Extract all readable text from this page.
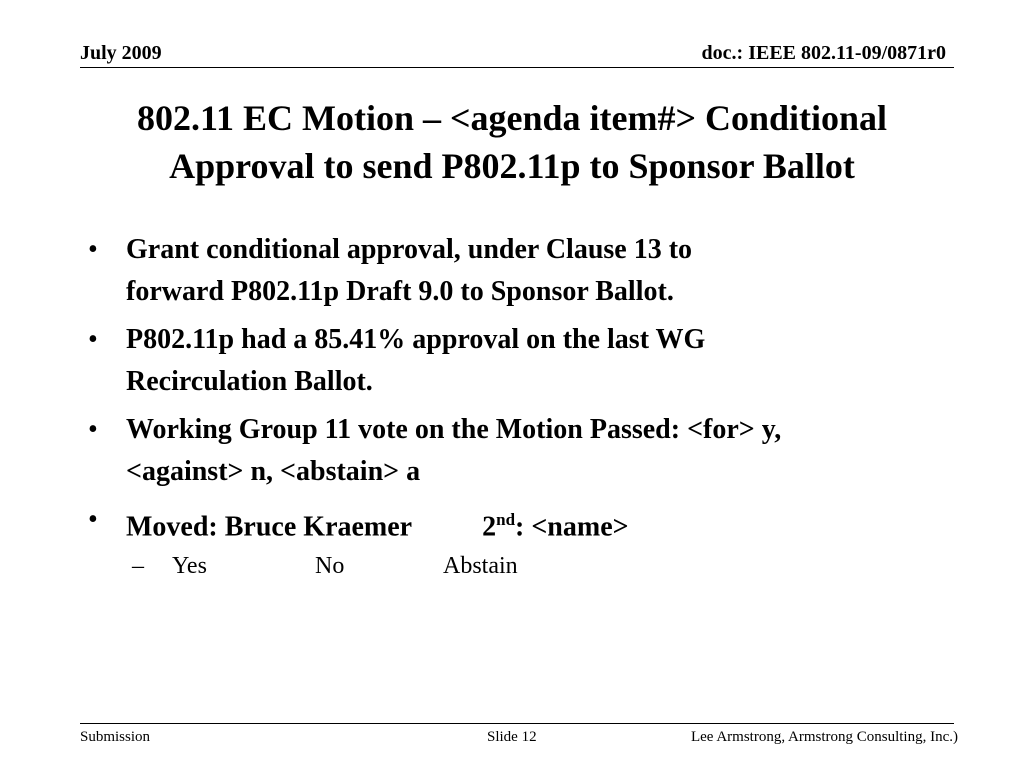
July 2009	doc.: IEEE 802.11-09/0871r0
802.11 EC Motion – <agenda item#> Conditional
Approval to send P802.11p to Sponsor Ballot
• Grant conditional approval, under Clause 13 to
forward P802.11p Draft 9.0 to Sponsor Ballot.
• P802.11p had a 85.41% approval on the last WG
Recirculation Ballot.
• Working Group 11 vote on the Motion Passed: <for> y,
<against> n, <abstain> a
• Moved: Bruce Kraemer	2nd: <name>
– Yes	No	Abstain
Submission	Slide 12	Lee Armstrong, Armstrong Consulting, Inc.)
